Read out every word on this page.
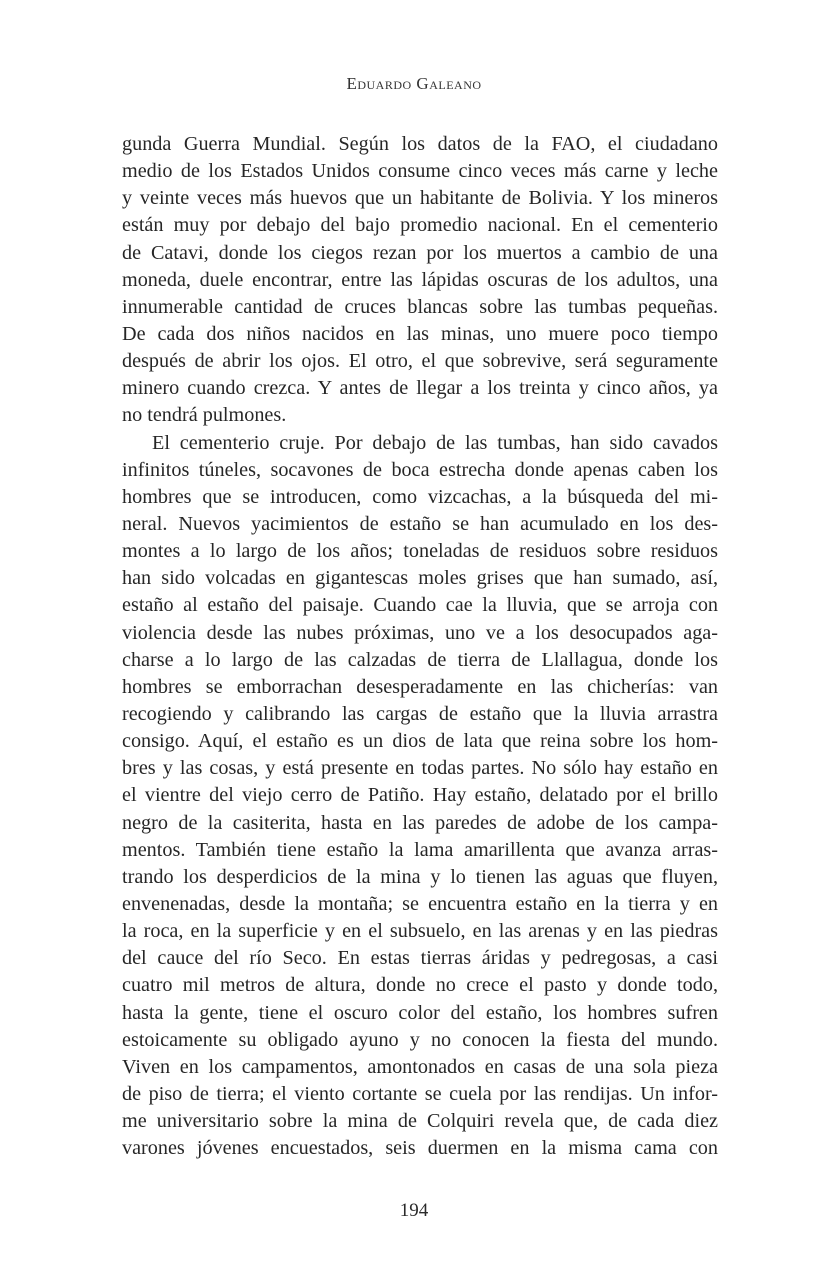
Eduardo Galeano
gunda Guerra Mundial. Según los datos de la FAO, el ciudadano
medio de los Estados Unidos consume cinco veces más carne y leche
y veinte veces más huevos que un habitante de Bolivia. Y los mineros
están muy por debajo del bajo promedio nacional. En el cementerio
de Catavi, donde los ciegos rezan por los muertos a cambio de una
moneda, duele encontrar, entre las lápidas oscuras de los adultos, una
innumerable cantidad de cruces blancas sobre las tumbas pequeñas.
De cada dos niños nacidos en las minas, uno muere poco tiempo
después de abrir los ojos. El otro, el que sobrevive, será seguramente
minero cuando crezca. Y antes de llegar a los treinta y cinco años, ya
no tendrá pulmones.
El cementerio cruje. Por debajo de las tumbas, han sido cavados
infinitos túneles, socavones de boca estrecha donde apenas caben los
hombres que se introducen, como vizcachas, a la búsqueda del mi-
neral. Nuevos yacimientos de estaño se han acumulado en los des-
montes a lo largo de los años; toneladas de residuos sobre residuos
han sido volcadas en gigantescas moles grises que han sumado, así,
estaño al estaño del paisaje. Cuando cae la lluvia, que se arroja con
violencia desde las nubes próximas, uno ve a los desocupados aga-
charse a lo largo de las calzadas de tierra de Llallagua, donde los
hombres se emborrachan desesperadamente en las chicherías: van
recogiendo y calibrando las cargas de estaño que la lluvia arrastra
consigo. Aquí, el estaño es un dios de lata que reina sobre los hom-
bres y las cosas, y está presente en todas partes. No sólo hay estaño en
el vientre del viejo cerro de Patiño. Hay estaño, delatado por el brillo
negro de la casiterita, hasta en las paredes de adobe de los campa-
mentos. También tiene estaño la lama amarillenta que avanza arras-
trando los desperdicios de la mina y lo tienen las aguas que fluyen,
envenenadas, desde la montaña; se encuentra estaño en la tierra y en
la roca, en la superficie y en el subsuelo, en las arenas y en las piedras
del cauce del río Seco. En estas tierras áridas y pedregosas, a casi
cuatro mil metros de altura, donde no crece el pasto y donde todo,
hasta la gente, tiene el oscuro color del estaño, los hombres sufren
estoicamente su obligado ayuno y no conocen la fiesta del mundo.
Viven en los campamentos, amontonados en casas de una sola pieza
de piso de tierra; el viento cortante se cuela por las rendijas. Un infor-
me universitario sobre la mina de Colquiri revela que, de cada diez
varones jóvenes encuestados, seis duermen en la misma cama con
194
